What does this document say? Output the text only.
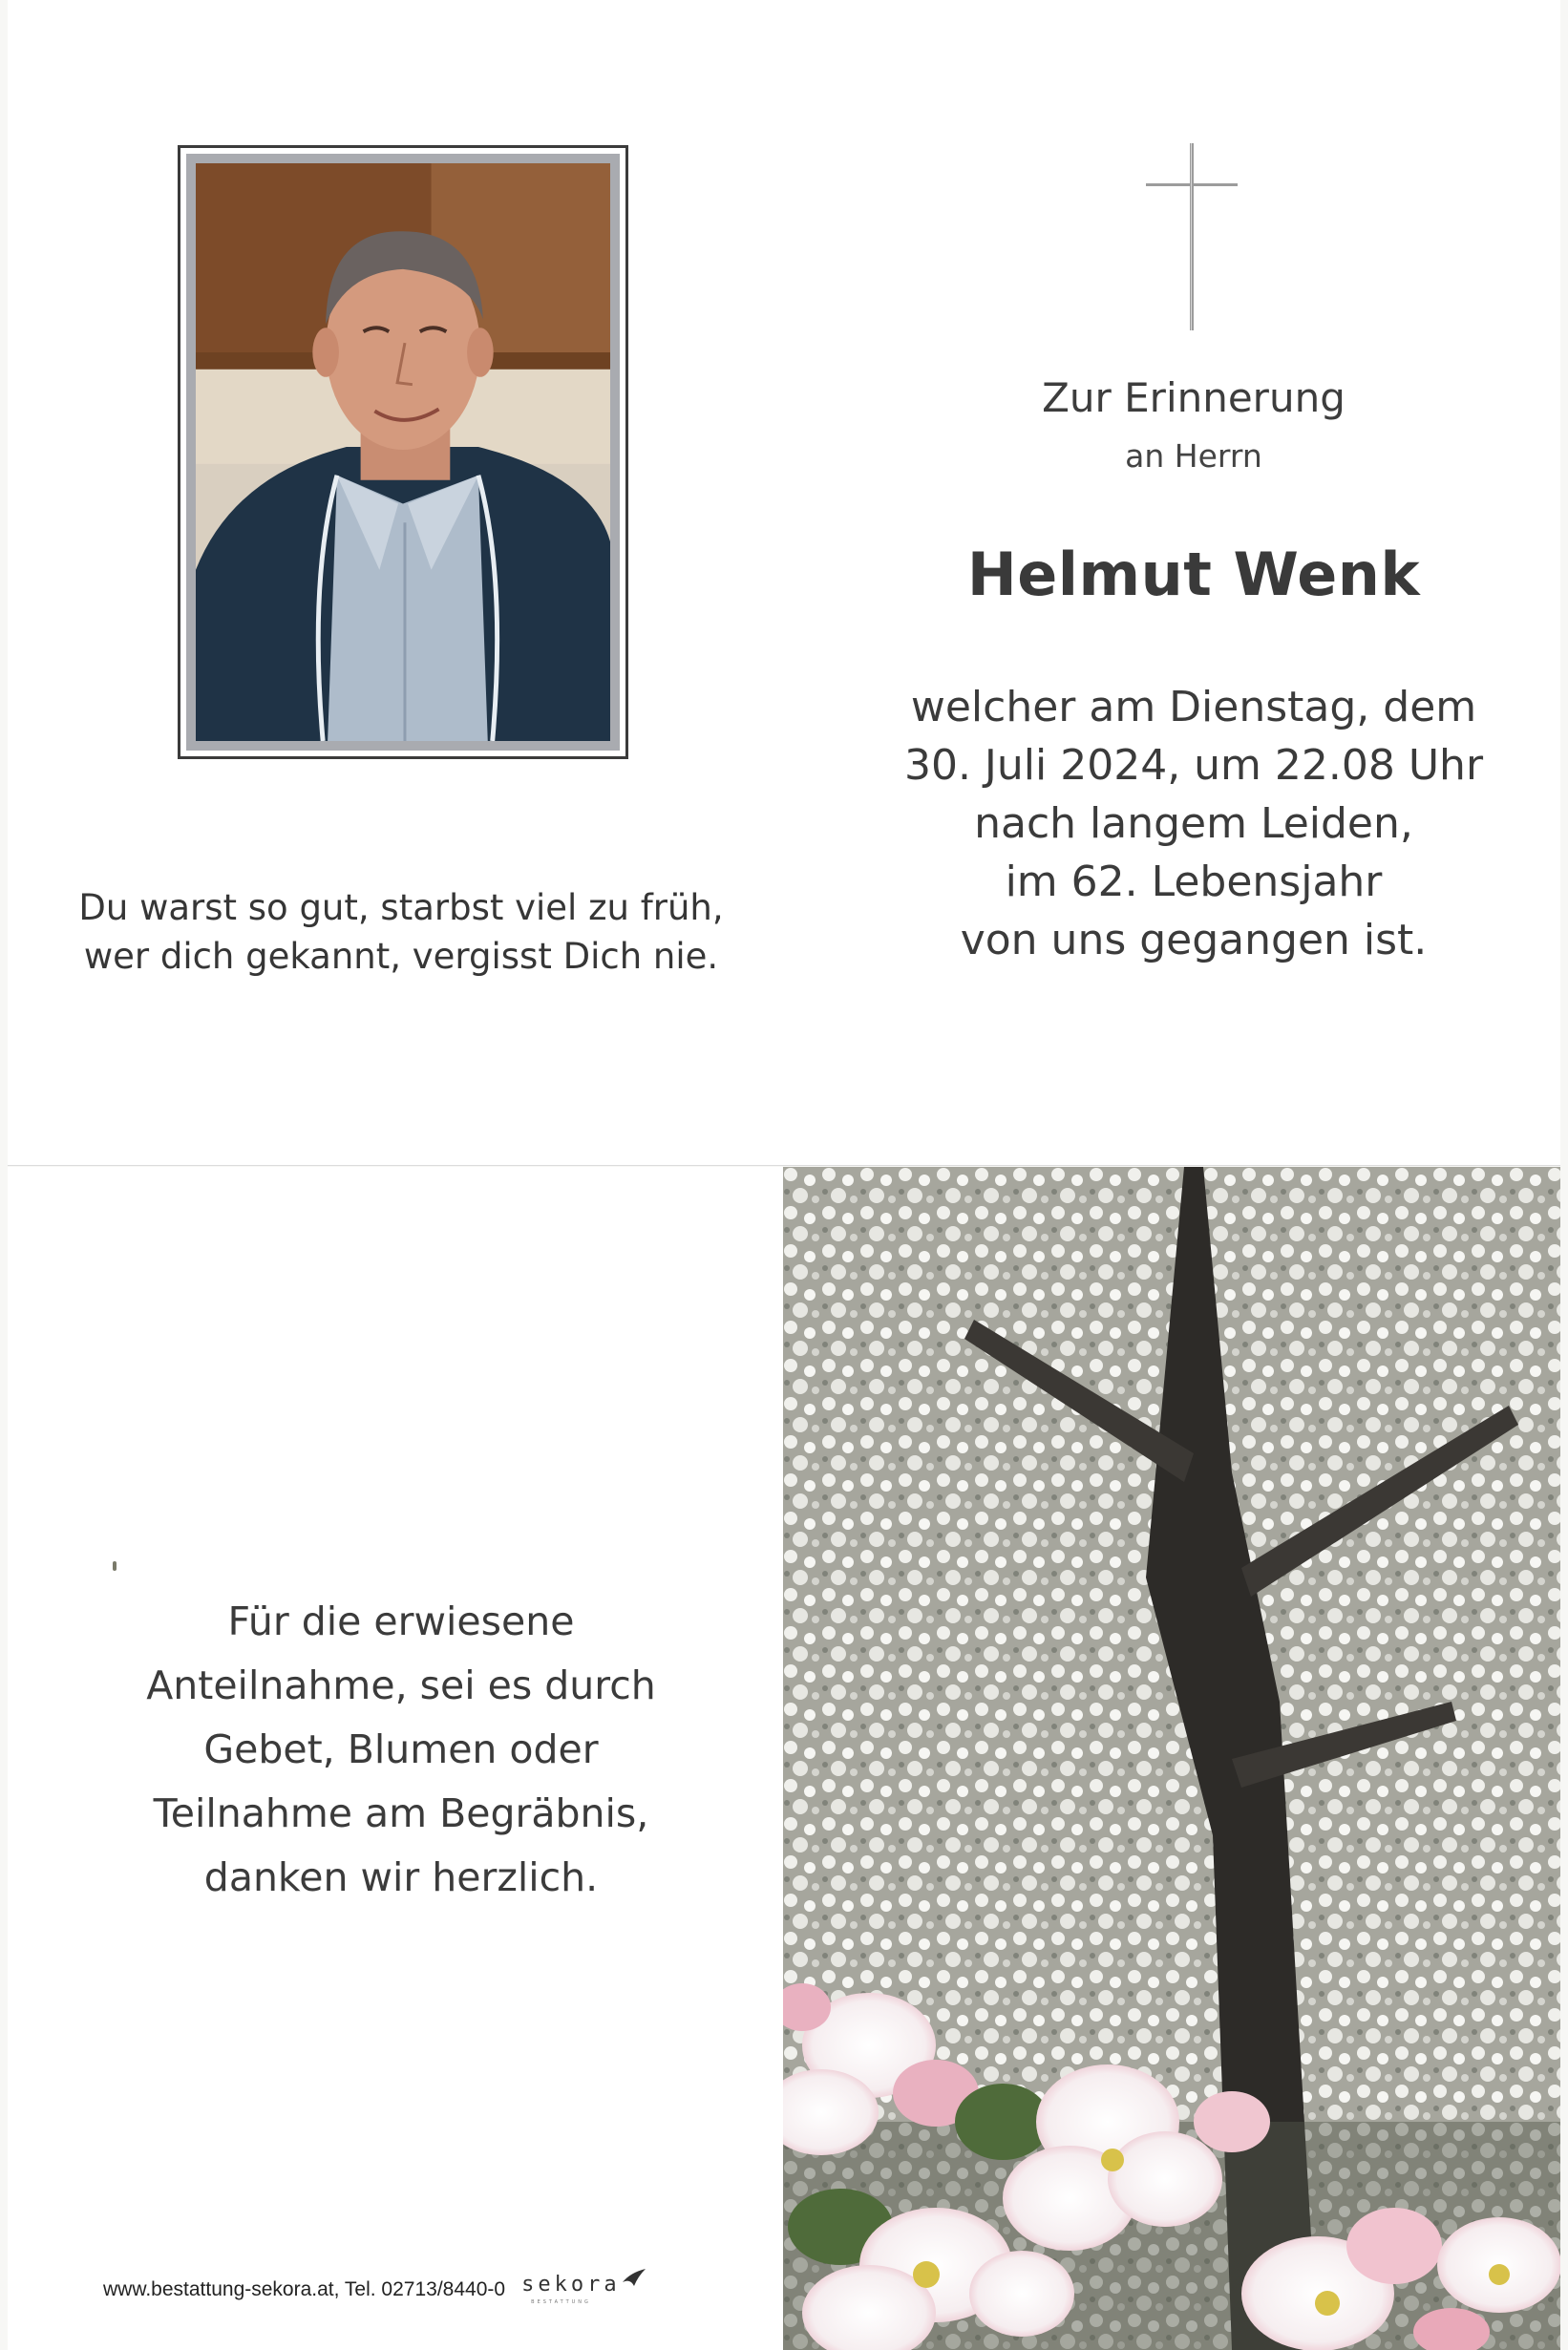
Zur Erinnerung
an Herrn
Helmut Wenk
welcher am Dienstag, dem
30. Juli 2024, um 22.08 Uhr
nach langem Leiden,
im 62. Lebensjahr
von uns gegangen ist.
Du warst so gut, starbst viel zu früh,
wer dich gekannt, vergisst Dich nie.
Für die erwiesene
Anteilnahme, sei es durch
Gebet, Blumen oder
Teilnahme am Begräbnis,
danken wir herzlich.
www.bestattung-sekora.at, Tel. 02713/8440-0 sekora
BESTATTUNG
